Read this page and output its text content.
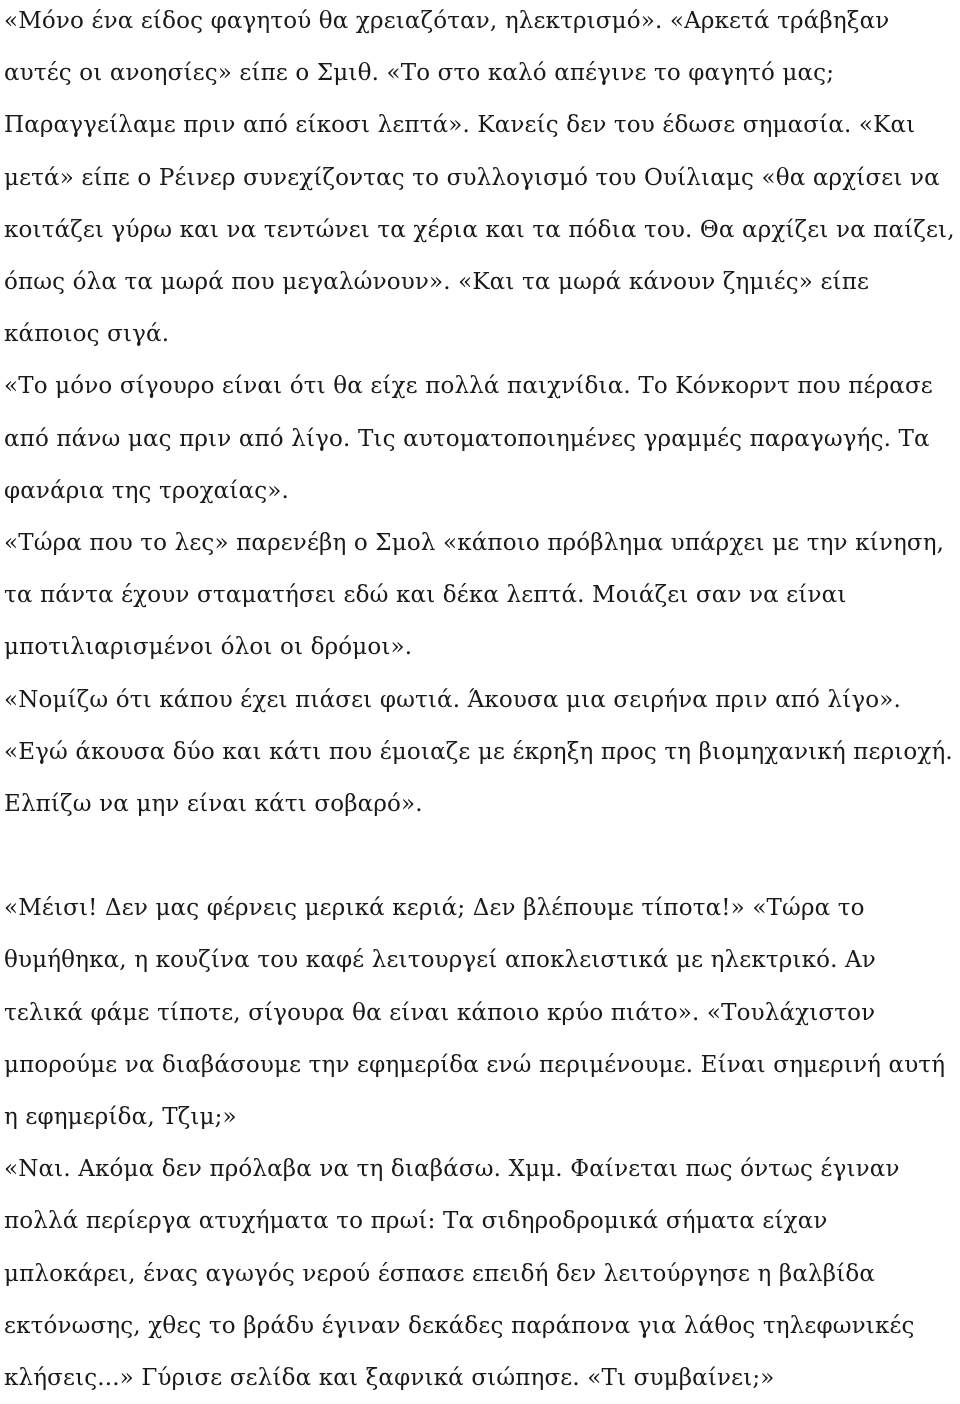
«Μόνο ένα είδος φαγητού θα χρειαζόταν, ηλεκτρισμό». «Αρκετά τράβηξαν αυτές οι ανοησίες» είπε ο Σμιθ. «Το στο καλό απέγινε το φαγητό μας; Παραγγείλαμε πριν από είκοσι λεπτά». Κανείς δεν του έδωσε σημασία. «Και μετά» είπε ο Ρέινερ συνεχίζοντας το συλλογισμό του Ουίλιαμς «θα αρχίσει να κοιτάζει γύρω και να τεντώνει τα χέρια και τα πόδια του. Θα αρχίζει να παίζει, όπως όλα τα μωρά που μεγαλώνουν». «Και τα μωρά κάνουν ζημιές» είπε κάποιος σιγά.

«Το μόνο σίγουρο είναι ότι θα είχε πολλά παιχνίδια. Το Κόνκορντ που πέρασε από πάνω μας πριν από λίγο. Τις αυτοματοποιημένες γραμμές παραγωγής. Τα φανάρια της τροχαίας».

«Τώρα που το λες» παρενέβη ο Σμολ «κάποιο πρόβλημα υπάρχει με την κίνηση, τα πάντα έχουν σταματήσει εδώ και δέκα λεπτά. Μοιάζει σαν να είναι μποτιλιαρισμένοι όλοι οι δρόμοι».

«Νομίζω ότι κάπου έχει πιάσει φωτιά. Άκουσα μια σειρήνα πριν από λίγο».

«Εγώ άκουσα δύο και κάτι που έμοιαζε με έκρηξη προς τη βιομηχανική περιοχή. Ελπίζω να μην είναι κάτι σοβαρό».

«Μέισι! Δεν μας φέρνεις μερικά κεριά; Δεν βλέπουμε τίποτα!» «Τώρα το θυμήθηκα, η κουζίνα του καφέ λειτουργεί αποκλειστικά με ηλεκτρικό. Αν τελικά φάμε τίποτε, σίγουρα θα είναι κάποιο κρύο πιάτο». «Τουλάχιστον μπορούμε να διαβάσουμε την εφημερίδα ενώ περιμένουμε. Είναι σημερινή αυτή η εφημερίδα, Τζιμ;»

«Ναι. Ακόμα δεν πρόλαβα να τη διαβάσω. Χμμ. Φαίνεται πως όντως έγιναν πολλά περίεργα ατυχήματα το πρωί: Τα σιδηροδρομικά σήματα είχαν μπλοκάρει, ένας αγωγός νερού έσπασε επειδή δεν λειτούργησε η βαλβίδα εκτόνωσης, χθες το βράδυ έγιναν δεκάδες παράπονα για λάθος τηλεφωνικές κλήσεις...» Γύρισε σελίδα και ξαφνικά σιώπησε. «Τι συμβαίνει;»
